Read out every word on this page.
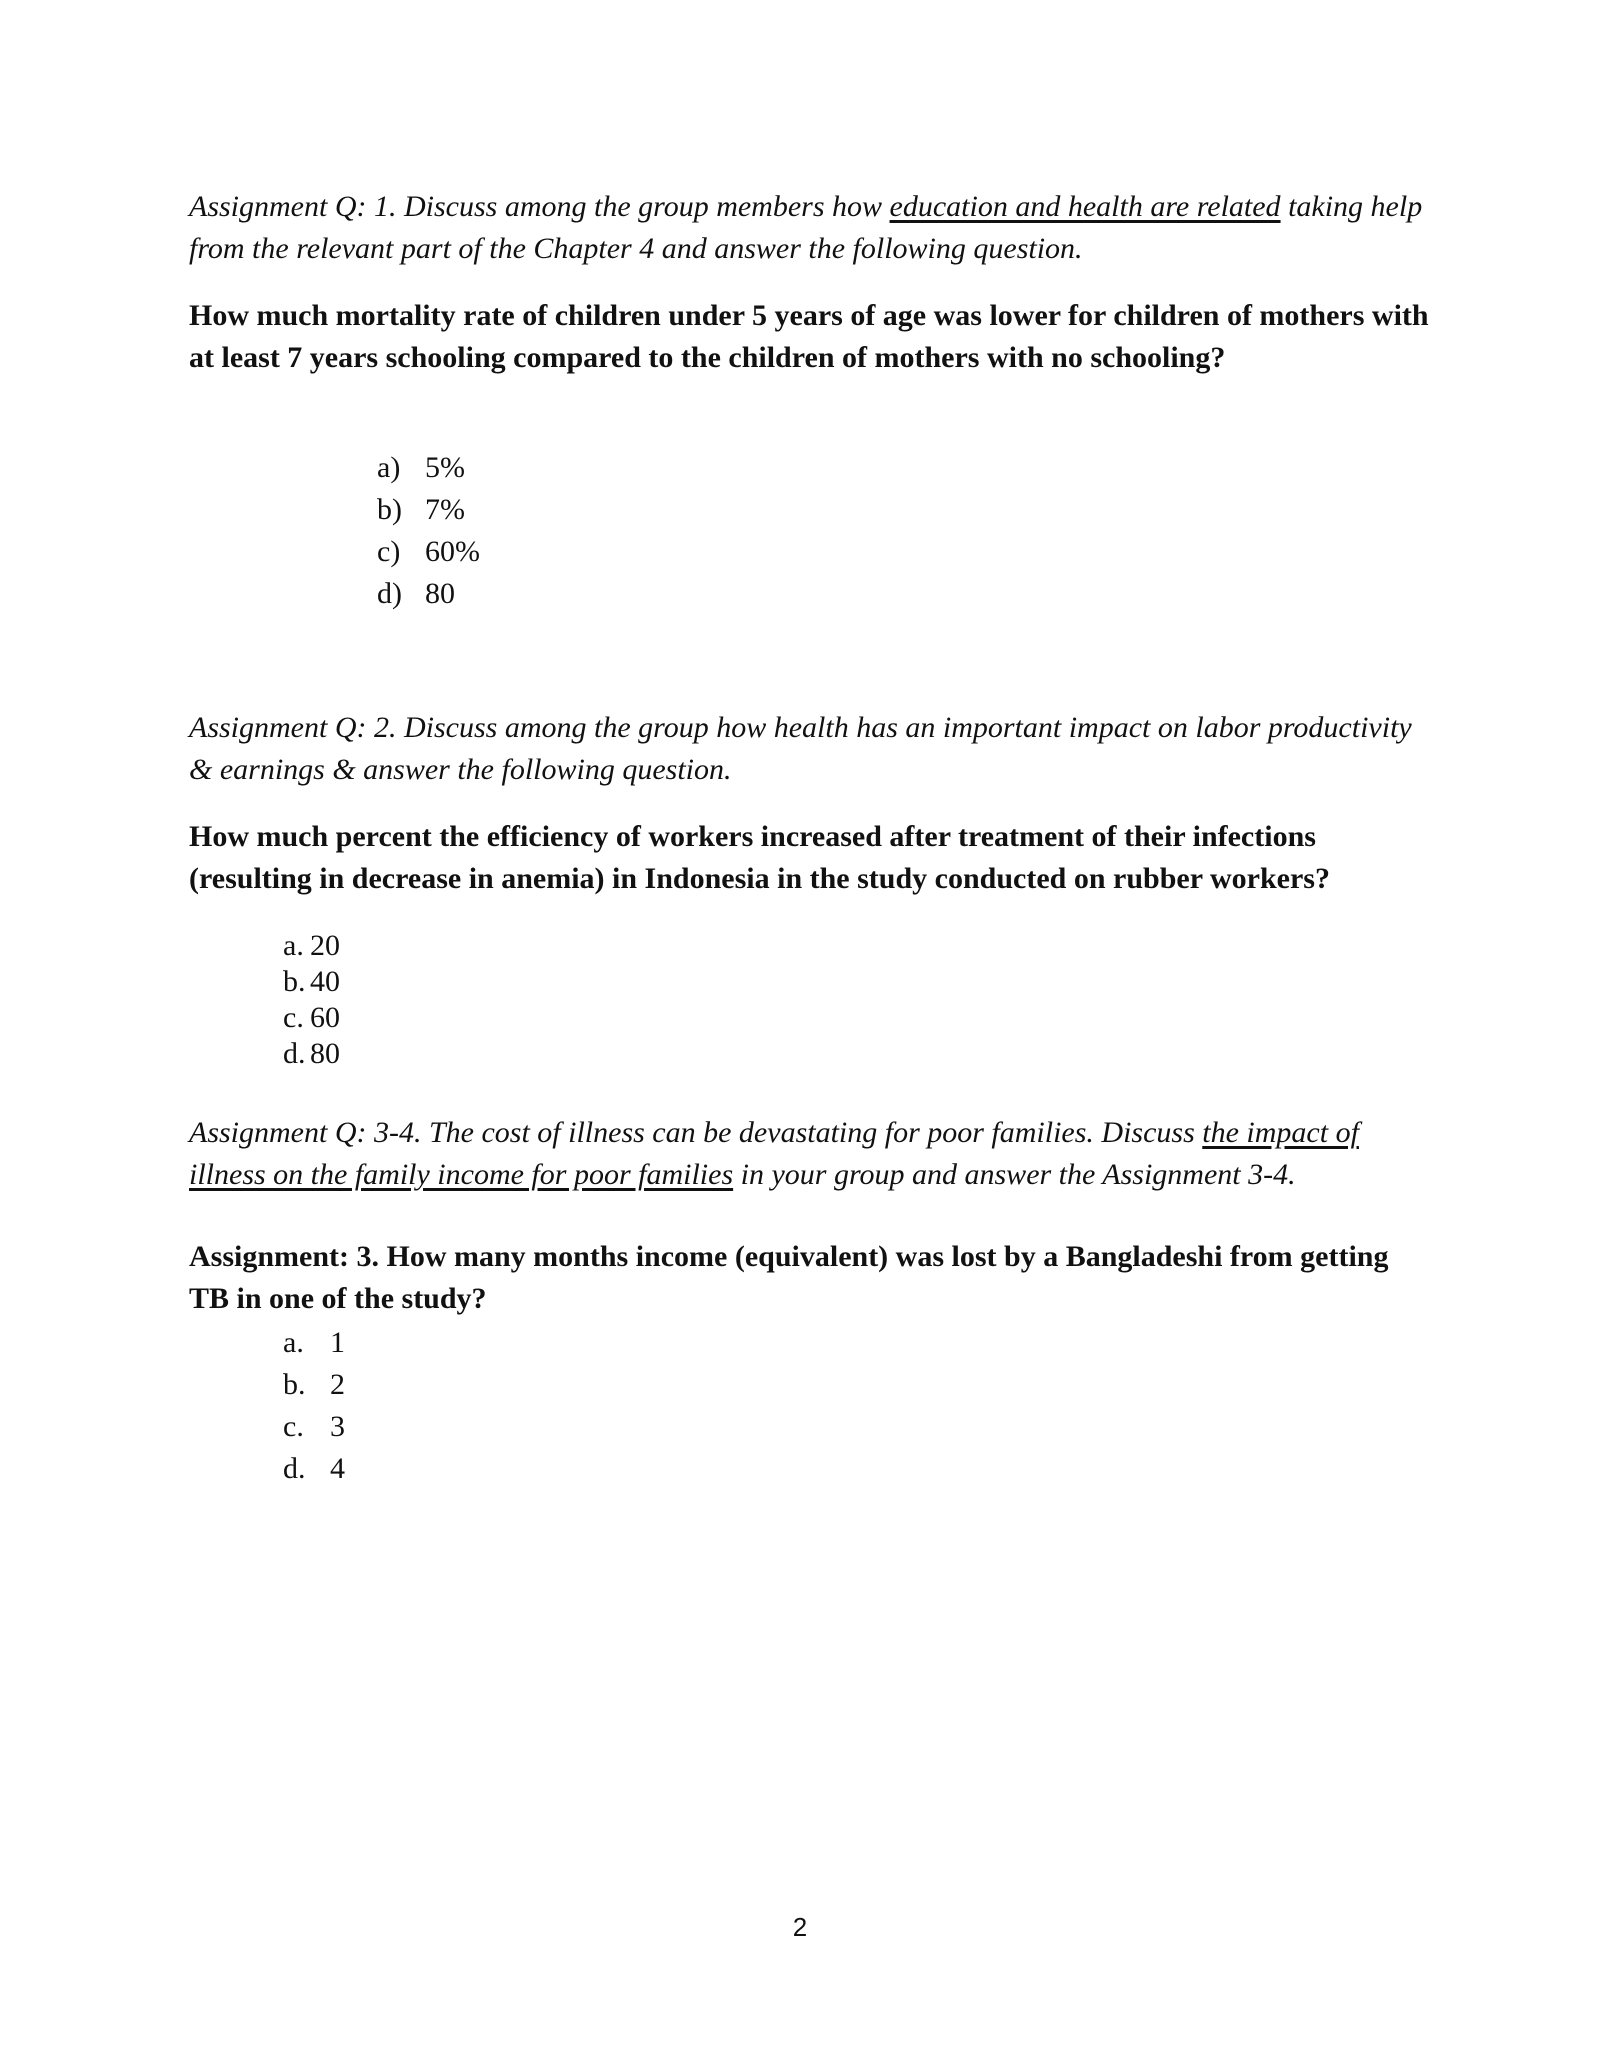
Assignment Q: 1. Discuss among the group members how education and health are related taking help from the relevant part of the Chapter 4 and answer the following question.

How much mortality rate of children under 5 years of age was lower for children of mothers with at least 7 years schooling compared to the children of mothers with no schooling?

a) 5%
b) 7%
c) 60%
d) 80

Assignment Q: 2. Discuss among the group how health has an important impact on labor productivity & earnings & answer the following question.

How much percent the efficiency of workers increased after treatment of their infections (resulting in decrease in anemia) in Indonesia in the study conducted on rubber workers?

a. 20
b. 40
c. 60
d. 80

Assignment Q: 3-4. The cost of illness can be devastating for poor families. Discuss the impact of illness on the family income for poor families in your group and answer the Assignment 3-4.

Assignment: 3. How many months income (equivalent) was lost by a Bangladeshi from getting TB in one of the study?

a. 1
b. 2
c. 3
d. 4
2
